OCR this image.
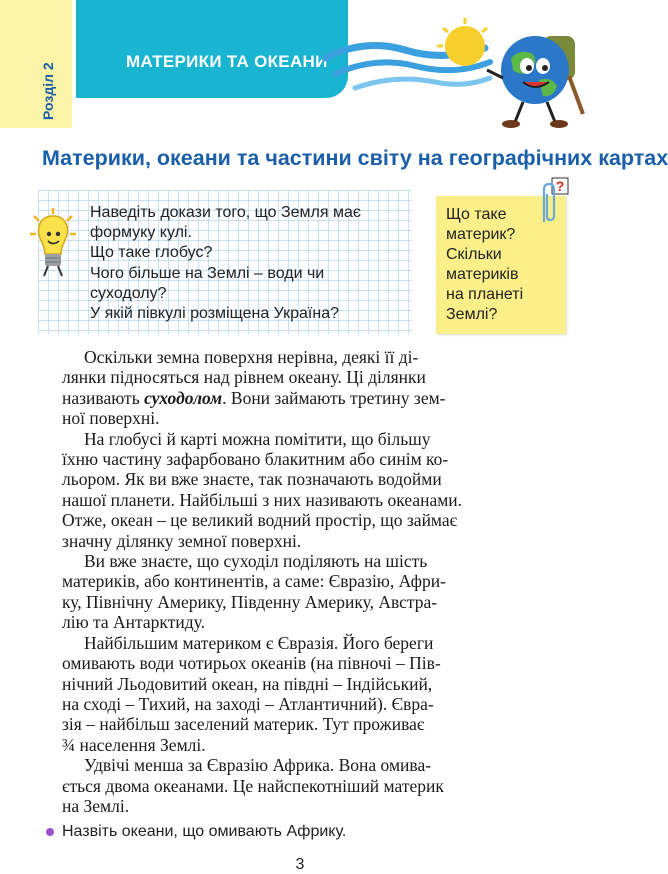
Розділ 2
МАТЕРИКИ ТА ОКЕАНИ
Материки, океани та частини світу на географічних картах
Наведіть докази того, що Земля має
формуку кулі.
Що таке глобус?
Чого більше на Землі – води чи
суходолу?
У якій півкулі розміщена Україна?
Що таке
материк?
Скільки
материків
на планеті
Землі?
?
Оскільки земна поверхня нерівна, деякі її ді-
лянки підносяться над рівнем океану. Ці ділянки
називають суходолом. Вони займають третину зем-
ної поверхні.
На глобусі й карті можна помітити, що більшу
їхню частину зафарбовано блакитним або синім ко-
льором. Як ви вже знаєте, так позначають водойми
нашої планети. Найбільші з них називають океанами.
Отже, океан – це великий водний простір, що займає
значну ділянку земної поверхні.
Ви вже знаєте, що суходіл поділяють на шість
материків, або континентів, а саме: Євразію, Афри-
ку, Північну Америку, Південну Америку, Австра-
лію та Антарктиду.
Найбільшим материком є Євразія. Його береги
омивають води чотирьох океанів (на півночі – Пів-
нічний Льодовитий океан, на півдні – Індійський,
на сході – Тихий, на заході – Атлантичний). Євра-
зія – найбільш заселений материк. Тут проживає
¾ населення Землі.
Удвічі менша за Євразію Африка. Вона омива-
ється двома океанами. Це найспекотніший материк
на Землі.
Назвіть океани, що омивають Африку.
3
